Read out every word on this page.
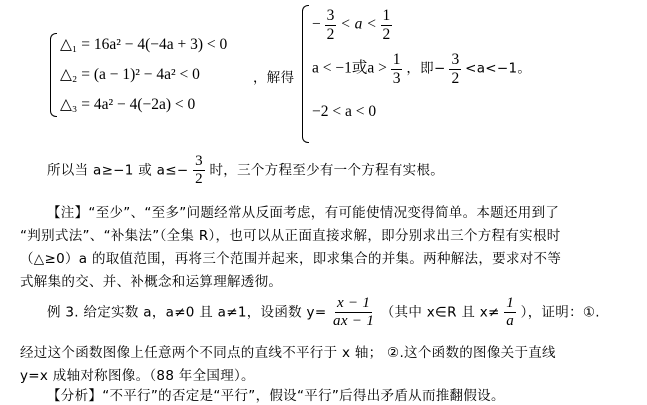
△₁ = 16a² − 4(−4a + 3) < 0
△₂ = (a − 1)² − 4a² < 0
△₃ = 4a² − 4(−2a) < 0
，解得
− $\frac{3}{2} < a < \frac{1}{2}$
a < −1或$a > \frac{1}{3}$ ，即− $\frac{3}{2} <a<-1$。
−2 < a < 0
所以当 a≥−1 或 $a\le- \frac{3}{2}$ 时，三个方程至少有一个方程有实根。
【注】“至少”、“至多”问题经常从反面考虑，有可能使情况变得简单。本题还用到了
“判别式法”、“补集法”（全集 R），也可以从正面直接求解，即分别求出三个方程有实根时
（△≥0）a 的取值范围，再将三个范围并起来，即求集合的并集。两种解法，要求对不等
式解集的交、并、补概念和运算理解透彻。
例 3. 给定实数 a，a≠0 且 a≠1，设函数 $y= \frac{x - 1}{ax - 1}$ （其中 x∈R 且 $x\ne \frac{1}{a}$ ），证明：①.
经过这个函数图像上任意两个不同点的直线不平行于 x 轴； ②.这个函数的图像关于直线
y=x 成轴对称图像。（88 年全国理）。
【分析】“不平行”的否定是“平行”，假设“平行”后得出矛盾从而推翻假设。
